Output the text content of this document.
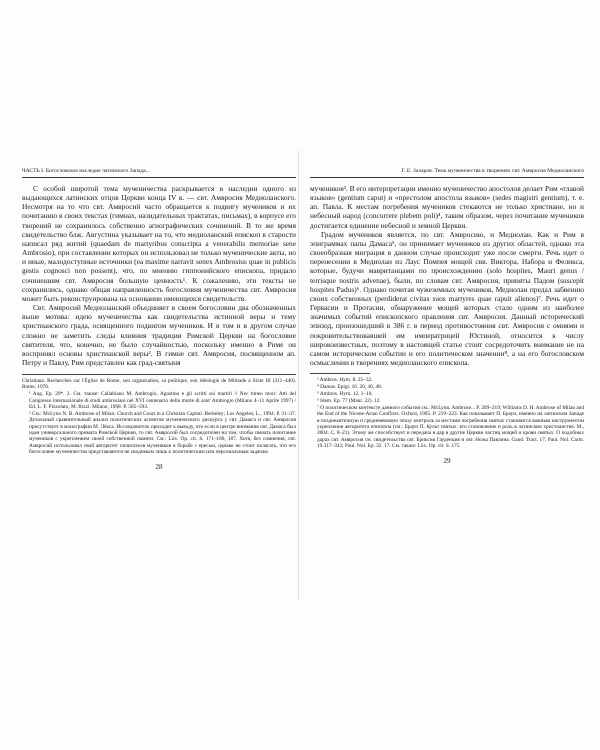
ЧАСТЬ I. Богословское наследие латинского Запада...

С особой широтой тема мученичества раскрывается в наследии одного из выдающихся латинских отцов Церкви конца IV в. — свт. Амвросия Медиоланского. Несмотря на то что свт. Амвросий часто обращается к подвигу мучеников и их почитанию в своих текстах (гимнах, назидательных трактатах, письмах), в корпусе его творений не сохранилось собственно агиографических сочинений. В то же время свидетельство блж. Августина указывает на то, что медиоланский епископ в старости написал ряд житий (quaedam de martyribus conscripta a venerabilis memoriae sene Ambrosio), при составлении которых он использовал не только мученические акты, но и иные, малодоступные источники (ea maxime narravit senex Ambrosius quae in publicis gestis cognosci non possent), что, по мнению гиппонийского епископа, придало сочинениям свт. Амвросия большую ценность¹. К сожалению, эти тексты не сохранились, однако общая направленность богословия мученичества свт. Амвросия может быть реконструирована на основании имеющихся свидетельств.

Свт. Амвросий Медиоланский объединяет в своем богословии два обозначенных выше мотива: идею мученичества как свидетельства истинной веры и тему христианского града, освященного подвигом мучеников. И в том и в другом случае сложно не заметить следы влияния традиции Римской Церкви на богословие святителя, что, конечно, не было случайностью, поскольку именно в Риме он воспринял основы христианской веры². В гимне свт. Амвросия, посвященном ап. Петру и Павлу, Рим представлен как град-святыня

Christiana. Recherches sur l'Église de Rome, son organisation, sa politique, son idéologie de Miltiade à Sixte III (311–440). Rome, 1976.

¹ Aug. Ep. 29*. 2. См. также: Callabiano M. Ambrogio, Agostino e gli scritti sui martiri // Nec timeo mori: Atti del Congresso internazionale di studi ambrosiani nel XVI centenario della morte di sant' Ambrogio (Milano 4–11 Aprile 1997) / Ed. L. F. Pizzolato, M. Rizzi. Milano, 1998. P. 585–593.

² См.: McLynn N. B. Ambrose of Milan: Church and Court in a Christian Capital. Berkeley; Los Angeles; L., 1994. P. 31–37. Детальный сравнительный анализ политических аспектов мученического дискурса у свт. Дамаса и свт. Амвросия присутствует в монографии М. Лёкса. Исследователь приходит к выводу, что если в центре внимания свт. Дамаса был идея универсального примата Римской Церкви, то свт. Амвросий был сосредоточен на том, чтобы связать почитание мучеников с укреплением своей собственной памяти. См.: Löx. Op. cit. S. 171–180, 187. Хотя, без сомнения, свт. Амвросий использовал свой авторитет почитателя мучеников в борьбе с ересью, однако не стоит полагать, что его богословие мученичества представляется не сводимым лишь к политическим или персональным задачам.

28
Г. Е. Захаров. Тема мученичества в творениях свт. Амвросия Медиоланского

мучеников³. В его интерпретации именно мученичество апостолов делает Рим «главой языков» (gentium caput) и «престолом апостола языков» (sedes magistri gentium), т. е. ап. Павла. К местам погребения мучеников стекаются не только христиане, но и небесный народ (concurrere plebem poli)⁴, таким образом, через почитание мучеников достигается единение небесной и земной Церкви.

Градом мучеников является, по свт. Амвросию, и Медиолан. Как и Рим в эпиграммах папы Дамаса⁵, он принимает мучеников из других областей, однако эта своеобразная миграция в данном случае происходит уже после смерти. Речь идет о перенесении в Медиолан из Лаус Помпея мощей свв. Виктора, Набора и Феликса, которые, будучи мавританцами по происхождению (solo hospites, Mauri genus / terrisque nostris advenae), были, по словам свт. Амвросия, приняты Падом (suscepit hospites Padus)⁶. Однако почитая чужеземных мучеников, Медиолан предал забвению своих собственных (perdiderat civitas suos martyres quae rapuit alienos)⁷. Речь идет о Гервасии и Протасии, обнаружение мощей которых стало одним из наиболее значимых событий епископского правления свт. Амвросия. Данный исторический эпизод, произошедший в 386 г. в период противостояния свт. Амвросия с омиями и покровительствовавшей им императрицей Юстиной, относится к числу широкоизвестных, поэтому в настоящей статье стоит сосредоточить внимание не на самом историческом событии и его политическом значении⁸, а на его богословском осмыслении в творениях медиоланского епископа.

³ Ambros. Hym. 8. 25–32.

⁴ Damas. Epigr. 16. 20, 46, 48.

⁵ Ambros. Hym. 12. 1–10.

⁶ Idem. Ep. 77 (Maur. 22). 12.

⁷ О политическом контексте данного события см.: McLynn. Ambrose... P. 209–219; Williams D. H. Ambrose of Milan and the End of the Nicene-Arian Conflicts. Oxford, 1995. P. 219–223. Как показывает П. Браун, именно на латинском Западе в позднеантичную и средневековую эпоху контроль за местами погребения святых становится важным инструментом укрепления авторитета епископа (см.: Браун П. Культ святых: его становление и роль в латинском христианстве. М., 2004. С. 8–21). Этому же способствует и передача в дар в другие Церкви частиц мощей и крови святых. О подобных дарах свт. Амвросия см. свидетельства свт. Бриксия Гауденция и свт. Нолы Павлина. Gaud. Tract. 17; Paul. Nol. Carm. 19.317–342; Paul. Nol. Ep. 32. 17. См. также: Löx. Op. cit. S. 175.

29
